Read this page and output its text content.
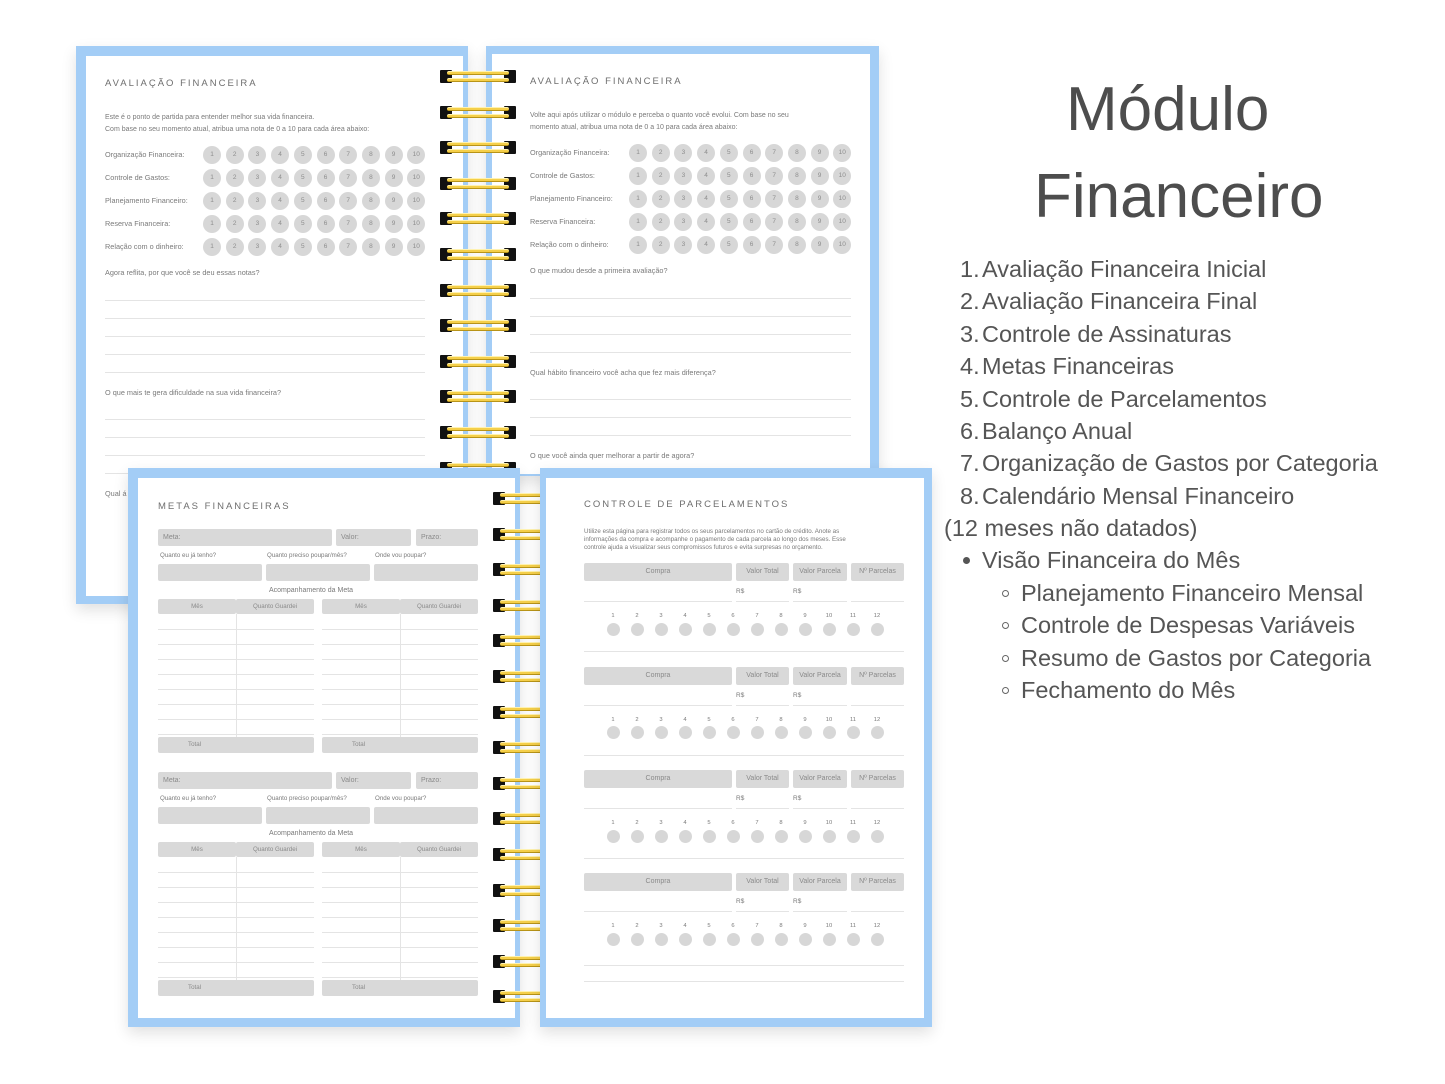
AVALIAÇÃO FINANCEIRA
Este é o ponto de partida para entender melhor sua vida financeira.
Com base no seu momento atual, atribua uma nota de 0 a 10 para cada área abaixo:
Organização Financeira:	1	2	3	4	5	6	7	8	9	10
Controle de Gastos:	1	2	3	4	5	6	7	8	9	10
Planejamento Financeiro:	1	2	3	4	5	6	7	8	9	10
Reserva Financeira:	1	2	3	4	5	6	7	8	9	10
Relação com o dinheiro:	1	2	3	4	5	6	7	8	9	10
Agora reflita, por que você se deu essas notas?
O que mais te gera dificuldade na sua vida financeira?
Qual á
AVALIAÇÃO FINANCEIRA
Volte aqui após utilizar o módulo e perceba o quanto você evolui. Com base no seu
momento atual, atribua uma nota de 0 a 10 para cada área abaixo:
Organização Financeira:	1	2	3	4	5	6	7	8	9	10
Controle de Gastos:	1	2	3	4	5	6	7	8	9	10
Planejamento Financeiro:	1	2	3	4	5	6	7	8	9	10
Reserva Financeira:	1	2	3	4	5	6	7	8	9	10
Relação com o dinheiro:	1	2	3	4	5	6	7	8	9	10
O que mudou desde a primeira avaliação?
Qual hábito financeiro você acha que fez mais diferença?
O que você ainda quer melhorar a partir de agora?
METAS FINANCEIRAS
Meta:	Valor:	Prazo:
Quanto eu já tenho?	Quanto preciso poupar/mês?	Onde vou poupar?
Acompanhamento da Meta
Mês	Quanto Guardei
Total
Mês	Quanto Guardei
Total
Meta:	Valor:	Prazo:
Quanto eu já tenho?	Quanto preciso poupar/mês?	Onde vou poupar?
Acompanhamento da Meta
Mês	Quanto Guardei
Total
Mês	Quanto Guardei
Total
CONTROLE DE PARCELAMENTOS
Utilize esta página para registrar todos os seus parcelamentos no cartão de crédito. Anote as
informações da compra e acompanhe o pagamento de cada parcela ao longo dos meses. Esse
controle ajuda a visualizar seus compromissos futuros e evita surpresas no orçamento.
Compra	Valor Total	Valor Parcela	Nº Parcelas
R$	R$
1	2	3	4	5	6	7	8	9	10	11	12
Compra	Valor Total	Valor Parcela	Nº Parcelas
R$	R$
1	2	3	4	5	6	7	8	9	10	11	12
Compra	Valor Total	Valor Parcela	Nº Parcelas
R$	R$
1	2	3	4	5	6	7	8	9	10	11	12
Compra	Valor Total	Valor Parcela	Nº Parcelas
R$	R$
1	2	3	4	5	6	7	8	9	10	11	12
Módulo
Financeiro
1. Avaliação Financeira Inicial
2. Avaliação Financeira Final
3. Controle de Assinaturas
4. Metas Financeiras
5. Controle de Parcelamentos
6. Balanço Anual
7. Organização de Gastos por Categoria
8. Calendário Mensal Financeiro
(12 meses não datados)
Visão Financeira do Mês
Planejamento Financeiro Mensal
Controle de Despesas Variáveis
Resumo de Gastos por Categoria
Fechamento do Mês
